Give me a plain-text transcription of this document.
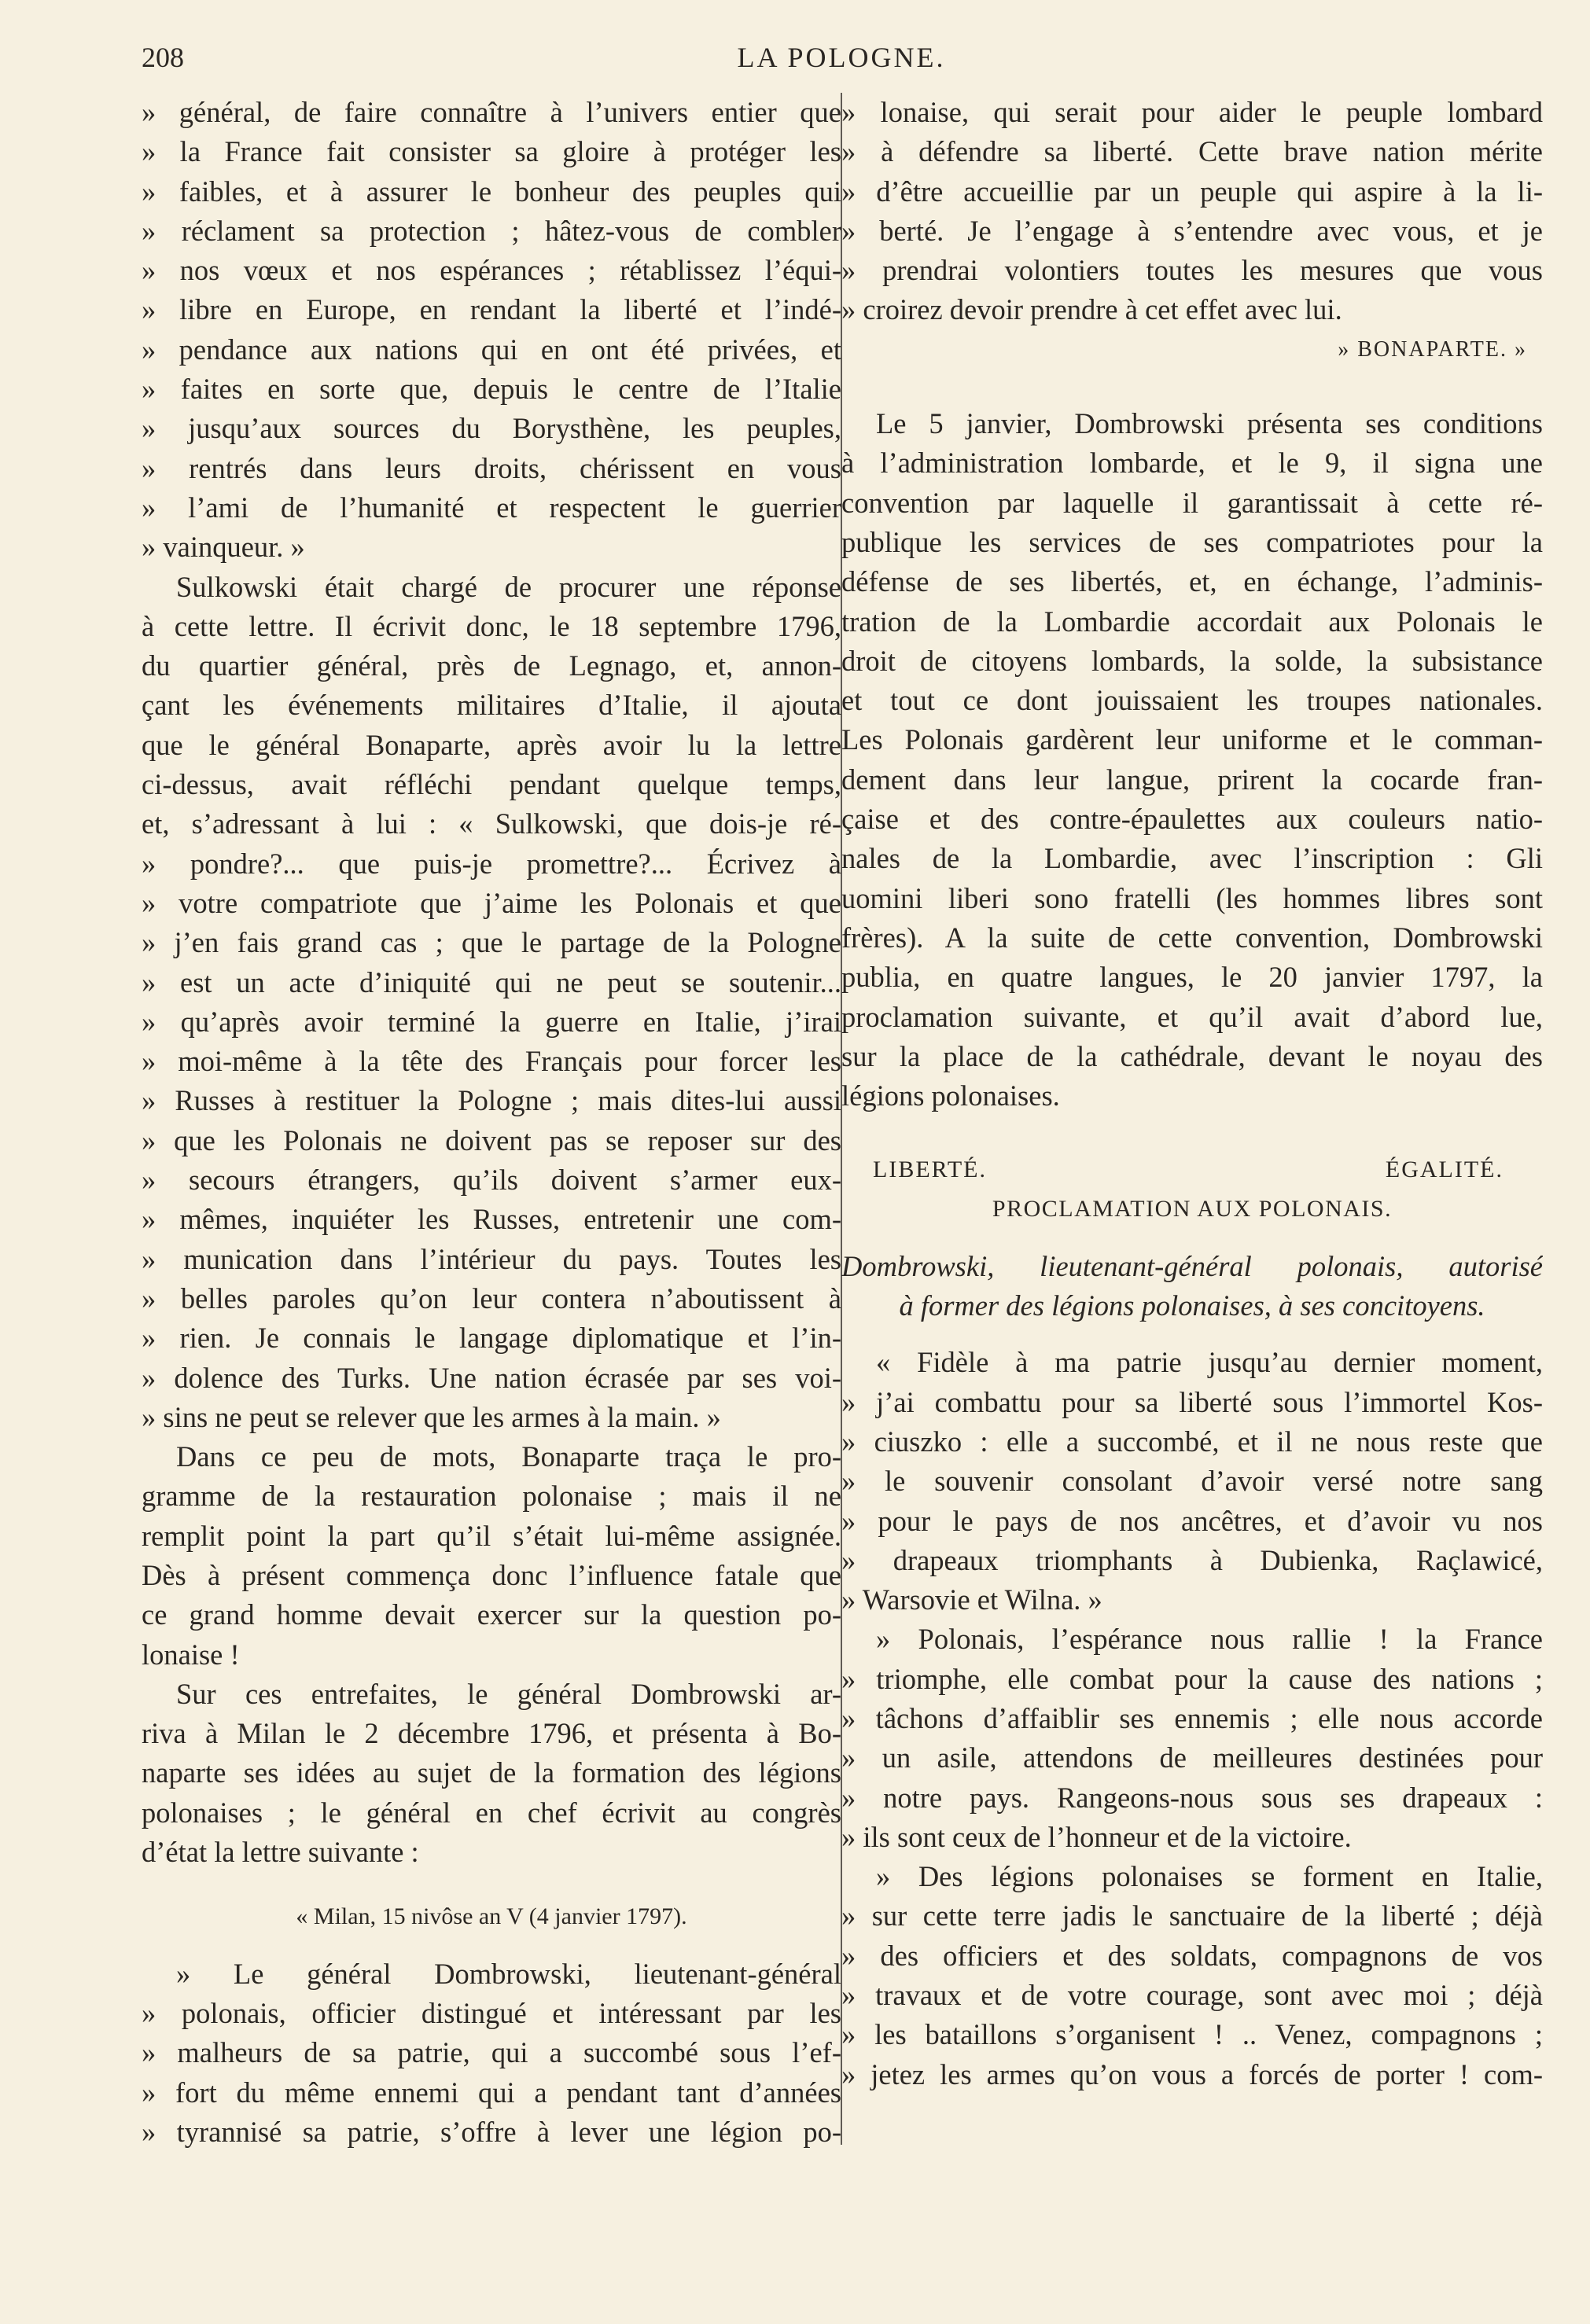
208	LA POLOGNE.
» général, de faire connaître à l’univers entier que
» la France fait consister sa gloire à protéger les
» faibles, et à assurer le bonheur des peuples qui
» réclament sa protection ; hâtez-vous de combler
» nos vœux et nos espérances ; rétablissez l’équi-
» libre en Europe, en rendant la liberté et l’indé-
» pendance aux nations qui en ont été privées, et
» faites en sorte que, depuis le centre de l’Italie
» jusqu’aux sources du Borysthène, les peuples,
» rentrés dans leurs droits, chérissent en vous
» l’ami de l’humanité et respectent le guerrier
» vainqueur. »
Sulkowski était chargé de procurer une réponse
à cette lettre. Il écrivit donc, le 18 septembre 1796,
du quartier général, près de Legnago, et, annon-
çant les événements militaires d’Italie, il ajouta
que le général Bonaparte, après avoir lu la lettre
ci-dessus, avait réfléchi pendant quelque temps,
et, s’adressant à lui : « Sulkowski, que dois-je ré-
» pondre?... que puis-je promettre?... Écrivez à
» votre compatriote que j’aime les Polonais et que
» j’en fais grand cas ; que le partage de la Pologne
» est un acte d’iniquité qui ne peut se soutenir...
» qu’après avoir terminé la guerre en Italie, j’irai
» moi-même à la tête des Français pour forcer les
» Russes à restituer la Pologne ; mais dites-lui aussi
» que les Polonais ne doivent pas se reposer sur des
» secours étrangers, qu’ils doivent s’armer eux-
» mêmes, inquiéter les Russes, entretenir une com-
» munication dans l’intérieur du pays. Toutes les
» belles paroles qu’on leur contera n’aboutissent à
» rien. Je connais le langage diplomatique et l’in-
» dolence des Turks. Une nation écrasée par ses voi-
» sins ne peut se relever que les armes à la main. »
Dans ce peu de mots, Bonaparte traça le pro-
gramme de la restauration polonaise ; mais il ne
remplit point la part qu’il s’était lui-même assignée.
Dès à présent commença donc l’influence fatale que
ce grand homme devait exercer sur la question po-
lonaise !
Sur ces entrefaites, le général Dombrowski ar-
riva à Milan le 2 décembre 1796, et présenta à Bo-
naparte ses idées au sujet de la formation des légions
polonaises ; le général en chef écrivit au congrès
d’état la lettre suivante :
« Milan, 15 nivôse an V (4 janvier 1797).
» Le général Dombrowski, lieutenant-général
» polonais, officier distingué et intéressant par les
» malheurs de sa patrie, qui a succombé sous l’ef-
» fort du même ennemi qui a pendant tant d’années
» tyrannisé sa patrie, s’offre à lever une légion po-
» lonaise, qui serait pour aider le peuple lombard
» à défendre sa liberté. Cette brave nation mérite
» d’être accueillie par un peuple qui aspire à la li-
» berté. Je l’engage à s’entendre avec vous, et je
» prendrai volontiers toutes les mesures que vous
» croirez devoir prendre à cet effet avec lui.
» BONAPARTE. »
Le 5 janvier, Dombrowski présenta ses conditions
à l’administration lombarde, et le 9, il signa une
convention par laquelle il garantissait à cette ré-
publique les services de ses compatriotes pour la
défense de ses libertés, et, en échange, l’adminis-
tration de la Lombardie accordait aux Polonais le
droit de citoyens lombards, la solde, la subsistance
et tout ce dont jouissaient les troupes nationales.
Les Polonais gardèrent leur uniforme et le comman-
dement dans leur langue, prirent la cocarde fran-
çaise et des contre-épaulettes aux couleurs natio-
nales de la Lombardie, avec l’inscription : Gli
uomini liberi sono fratelli (les hommes libres sont
frères). A la suite de cette convention, Dombrowski
publia, en quatre langues, le 20 janvier 1797, la
proclamation suivante, et qu’il avait d’abord lue,
sur la place de la cathédrale, devant le noyau des
légions polonaises.
LIBERTÉ.	ÉGALITÉ.
PROCLAMATION AUX POLONAIS.
Dombrowski, lieutenant-général polonais, autorisé
à former des légions polonaises, à ses concitoyens.
« Fidèle à ma patrie jusqu’au dernier moment,
» j’ai combattu pour sa liberté sous l’immortel Kos-
» ciuszko : elle a succombé, et il ne nous reste que
» le souvenir consolant d’avoir versé notre sang
» pour le pays de nos ancêtres, et d’avoir vu nos
» drapeaux triomphants à Dubienka, Raçlawicé,
» Warsovie et Wilna. »
» Polonais, l’espérance nous rallie ! la France
» triomphe, elle combat pour la cause des nations ;
» tâchons d’affaiblir ses ennemis ; elle nous accorde
» un asile, attendons de meilleures destinées pour
» notre pays. Rangeons-nous sous ses drapeaux :
» ils sont ceux de l’honneur et de la victoire.
» Des légions polonaises se forment en Italie,
» sur cette terre jadis le sanctuaire de la liberté ; déjà
» des officiers et des soldats, compagnons de vos
» travaux et de votre courage, sont avec moi ; déjà
» les bataillons s’organisent ! .. Venez, compagnons ;
» jetez les armes qu’on vous a forcés de porter ! com-
